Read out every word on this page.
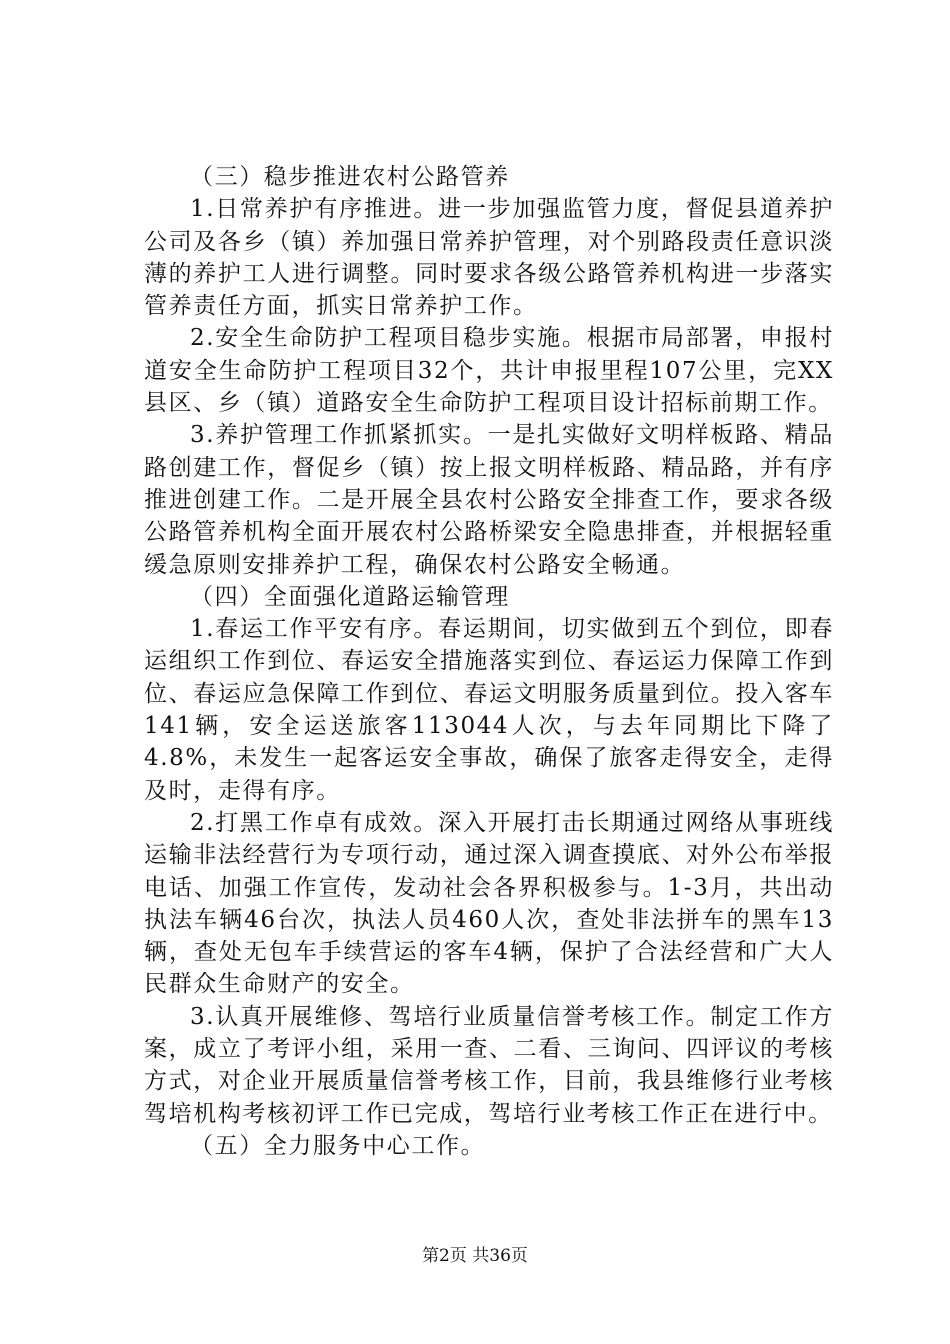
（三）稳步推进农村公路管养

1.日常养护有序推进。进一步加强监管力度，督促县道养护公司及各乡（镇）养加强日常养护管理，对个别路段责任意识淡薄的养护工人进行调整。同时要求各级公路管养机构进一步落实管养责任方面，抓实日常养护工作。

2.安全生命防护工程项目稳步实施。根据市局部署，申报村道安全生命防护工程项目32个，共计申报里程107公里，完XX县区、乡（镇）道路安全生命防护工程项目设计招标前期工作。

3.养护管理工作抓紧抓实。一是扎实做好文明样板路、精品路创建工作，督促乡（镇）按上报文明样板路、精品路，并有序推进创建工作。二是开展全县农村公路安全排查工作，要求各级公路管养机构全面开展农村公路桥梁安全隐患排查，并根据轻重缓急原则安排养护工程，确保农村公路安全畅通。

（四）全面强化道路运输管理

1.春运工作平安有序。春运期间，切实做到五个到位，即春运组织工作到位、春运安全措施落实到位、春运运力保障工作到位、春运应急保障工作到位、春运文明服务质量到位。投入客车141辆，安全运送旅客113044人次，与去年同期比下降了4.8%，未发生一起客运安全事故，确保了旅客走得安全，走得及时，走得有序。

2.打黑工作卓有成效。深入开展打击长期通过网络从事班线运输非法经营行为专项行动，通过深入调查摸底、对外公布举报电话、加强工作宣传，发动社会各界积极参与。1-3月，共出动执法车辆46台次，执法人员460人次，查处非法拼车的黑车13辆，查处无包车手续营运的客车4辆，保护了合法经营和广大人民群众生命财产的安全。

3.认真开展维修、驾培行业质量信誉考核工作。制定工作方案，成立了考评小组，采用一查、二看、三询问、四评议的考核方式，对企业开展质量信誉考核工作，目前，我县维修行业考核驾培机构考核初评工作已完成，驾培行业考核工作正在进行中。

（五）全力服务中心工作。

第2页 共36页
